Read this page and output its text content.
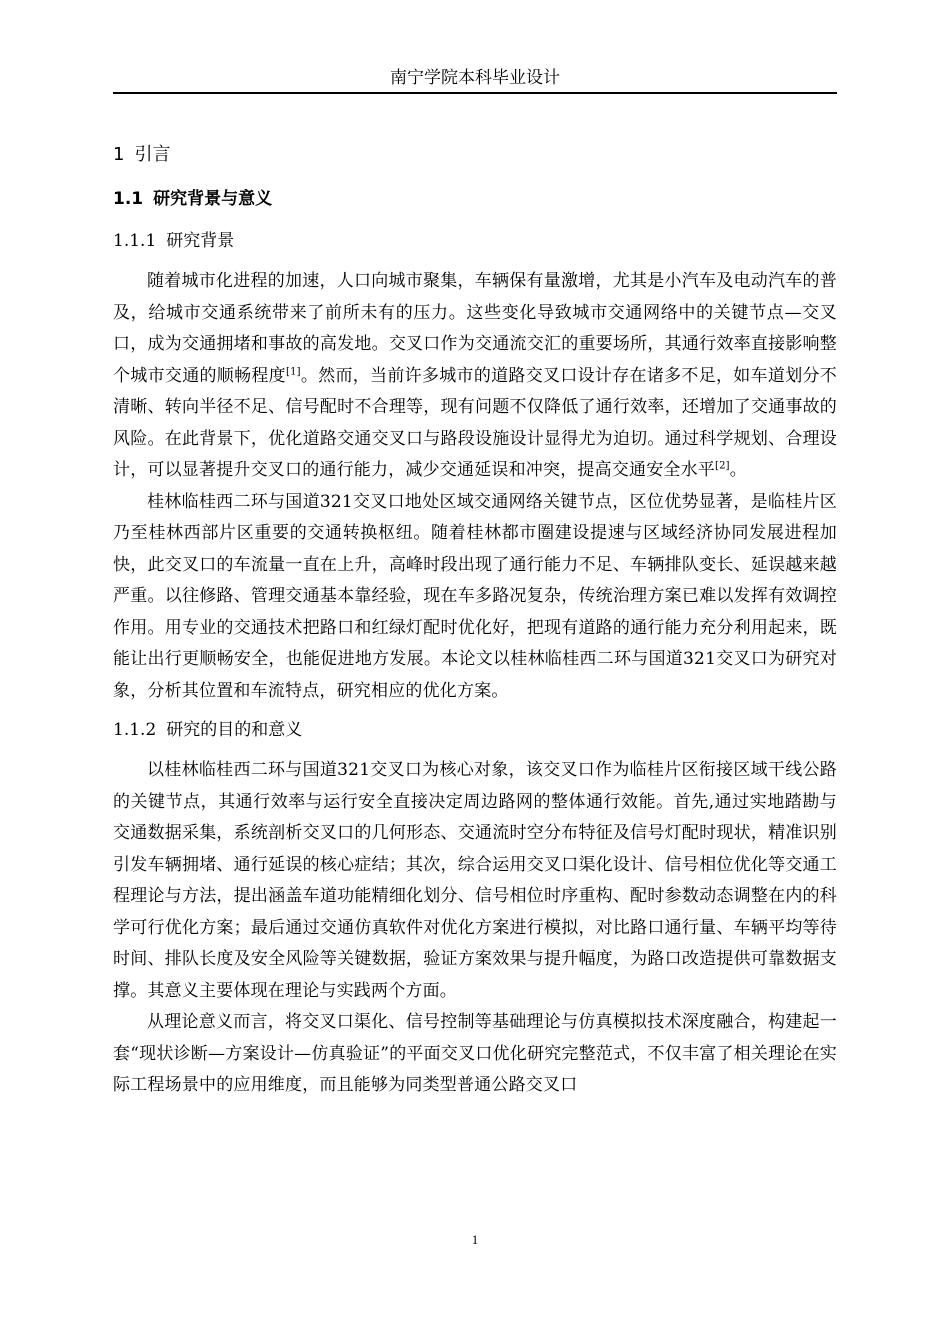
南宁学院本科毕业设计
1 引言
1.1 研究背景与意义
1.1.1 研究背景

随着城市化进程的加速，人口向城市聚集，车辆保有量激增，尤其是小汽车及电动汽车的普及，给城市交通系统带来了前所未有的压力。这些变化导致城市交通网络中的关键节点—交叉口，成为交通拥堵和事故的高发地。交叉口作为交通流交汇的重要场所，其通行效率直接影响整个城市交通的顺畅程度[1]。然而，当前许多城市的道路交叉口设计存在诸多不足，如车道划分不清晰、转向半径不足、信号配时不合理等，现有问题不仅降低了通行效率，还增加了交通事故的风险。在此背景下，优化道路交通交叉口与路段设施设计显得尤为迫切。通过科学规划、合理设计，可以显著提升交叉口的通行能力，减少交通延误和冲突，提高交通安全水平[2]。

桂林临桂西二环与国道321交叉口地处区域交通网络关键节点，区位优势显著，是临桂片区乃至桂林西部片区重要的交通转换枢纽。随着桂林都市圈建设提速与区域经济协同发展进程加快，此交叉口的车流量一直在上升，高峰时段出现了通行能力不足、车辆排队变长、延误越来越严重。以往修路、管理交通基本靠经验，现在车多路况复杂，传统治理方案已难以发挥有效调控作用。用专业的交通技术把路口和红绿灯配时优化好，把现有道路的通行能力充分利用起来，既能让出行更顺畅安全，也能促进地方发展。本论文以桂林临桂西二环与国道321交叉口为研究对象，分析其位置和车流特点，研究相应的优化方案。

1.1.2 研究的目的和意义

以桂林临桂西二环与国道321交叉口为核心对象，该交叉口作为临桂片区衔接区域干线公路的关键节点，其通行效率与运行安全直接决定周边路网的整体通行效能。首先,通过实地踏勘与交通数据采集，系统剖析交叉口的几何形态、交通流时空分布特征及信号灯配时现状，精准识别引发车辆拥堵、通行延误的核心症结；其次，综合运用交叉口渠化设计、信号相位优化等交通工程理论与方法，提出涵盖车道功能精细化划分、信号相位时序重构、配时参数动态调整在内的科学可行优化方案；最后通过交通仿真软件对优化方案进行模拟，对比路口通行量、车辆平均等待时间、排队长度及安全风险等关键数据，验证方案效果与提升幅度，为路口改造提供可靠数据支撑。其意义主要体现在理论与实践两个方面。

从理论意义而言，将交叉口渠化、信号控制等基础理论与仿真模拟技术深度融合，构建起一套“现状诊断—方案设计—仿真验证”的平面交叉口优化研究完整范式，不仅丰富了相关理论在实际工程场景中的应用维度，而且能够为同类型普通公路交叉口

1
